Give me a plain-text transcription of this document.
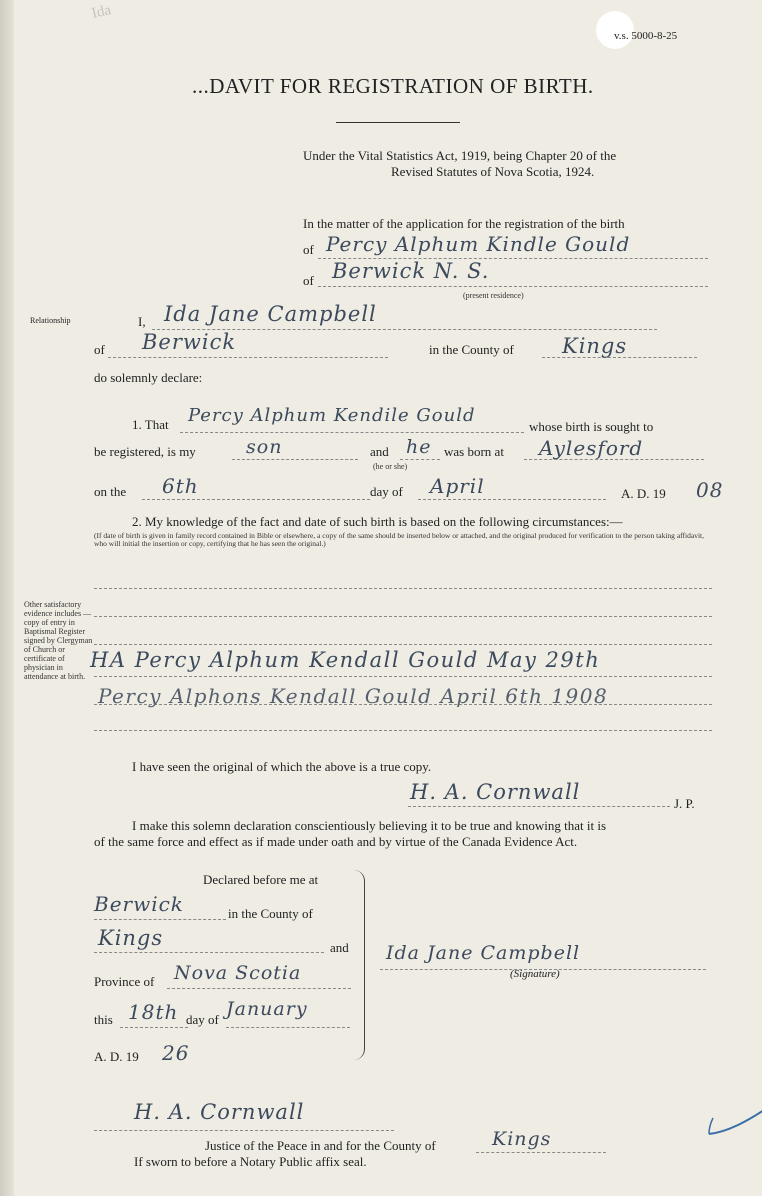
Ida
v.s. 5000-8-25
...DAVIT FOR REGISTRATION OF BIRTH.
Under the Vital Statistics Act, 1919, being Chapter 20 of the
Revised Statutes of Nova Scotia, 1924.
In the matter of the application for the registration of the birth
of Percy Alphum Kindle Gould
of Berwick N. S.
(present residence)
Relationship	I, Ida Jane Campbell
of Berwick	in the County of Kings
do solemnly declare:
1. That Percy Alphum Kendile Gould
whose birth is sought to
be registered, is my	son	and he
(he or she)
was born at Aylesford
on the 6th	day of April	A. D. 19 08
2. My knowledge of the fact and date of such birth is based on the following circumstances:—
(If date of birth is given in family record contained in Bible or elsewhere, a copy of the same should be inserted below or attached, and the original produced for verification to the person taking affidavit, who will initial the insertion or copy, certifying that he has seen the original.)
Other satisfactory evidence includes —copy of entry in Baptismal Register signed by Clergyman of Church or certificate of physician in attendance at birth.
HA Percy Alphum Kendall Gould May 29th
Percy Alphons Kendall Gould April 6th 1908
I have seen the original of which the above is a true copy.
H. A. Cornwall	J. P.
I make this solemn declaration conscientiously believing it to be true and knowing that it is
of the same force and effect as if made under oath and by virtue of the Canada Evidence Act.
Declared before me at
Berwick	in the County of
Kings	and
Province of Nova Scotia
this 18th day of January
A. D. 19 26
Ida Jane Campbell
(Signature)
H. A. Cornwall
Justice of the Peace in and for the County of	Kings
If sworn to before a Notary Public affix seal.
